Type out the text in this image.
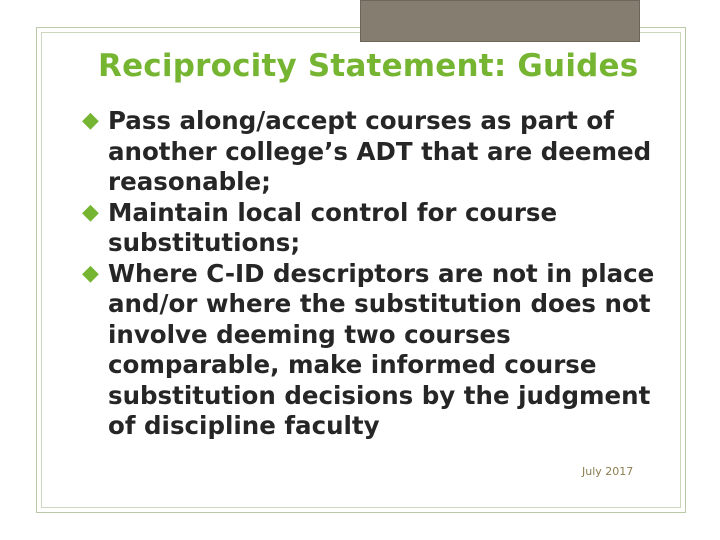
Reciprocity Statement: Guides
◆ Pass along/accept courses as part of another college’s ADT that are deemed reasonable;
◆ Maintain local control for course substitutions;
◆ Where C-ID descriptors are not in place and/or where the substitution does not involve deeming two courses comparable, make informed course substitution decisions by the judgment of discipline faculty
July 2017
